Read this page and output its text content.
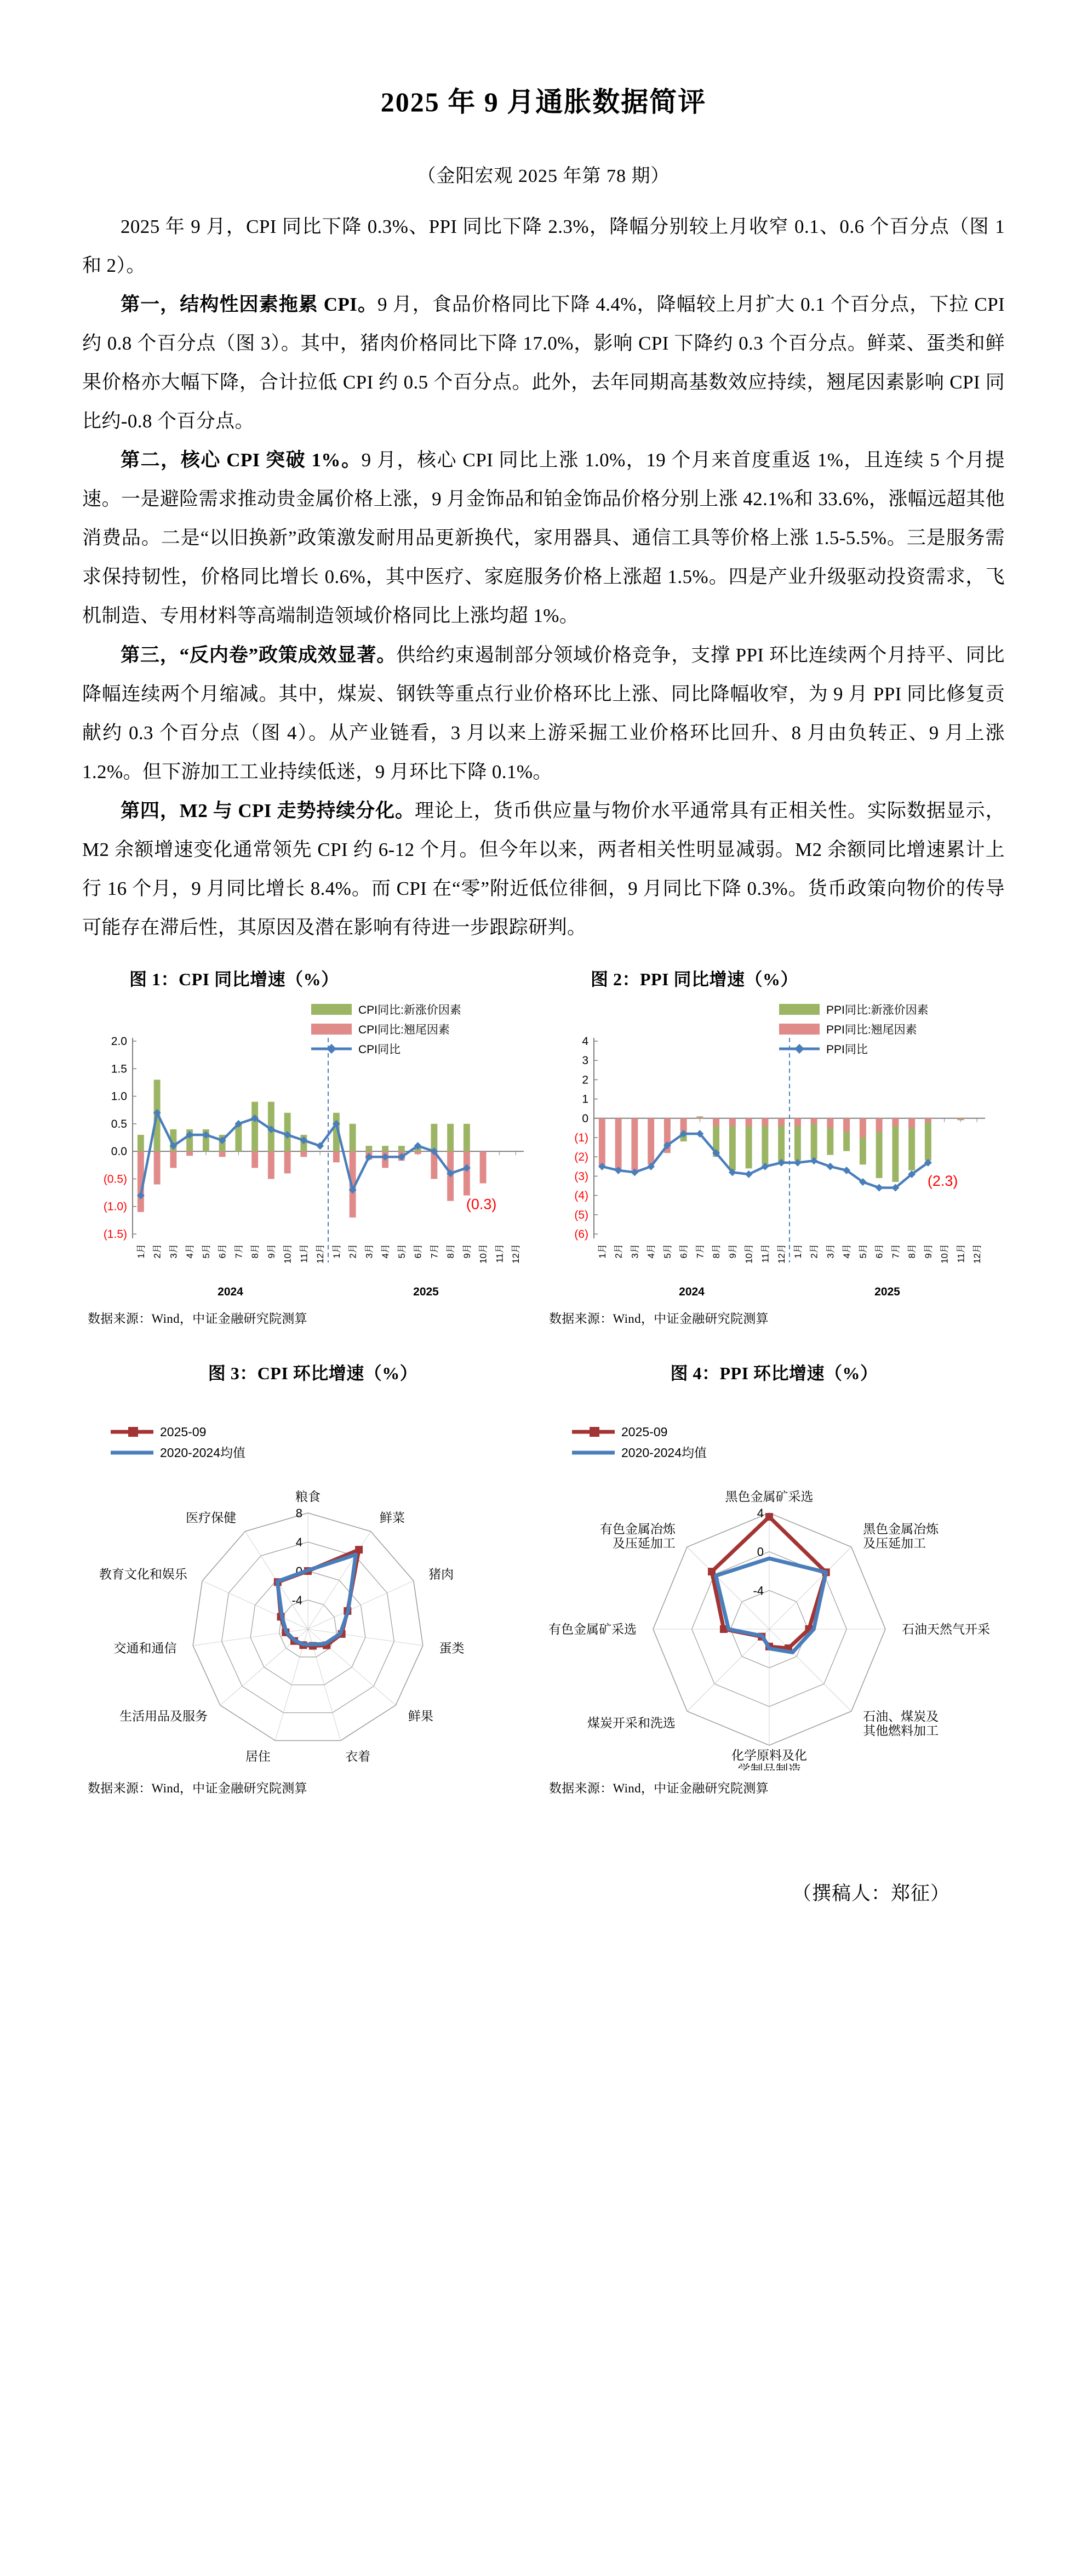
2025 年 9 月通胀数据简评
（金阳宏观 2025 年第 78 期）

2025 年 9 月，CPI 同比下降 0.3%、PPI 同比下降 2.3%，降幅分别较上月收窄 0.1、0.6 个百分点（图 1 和 2）。

第一，结构性因素拖累 CPI。9 月，食品价格同比下降 4.4%，降幅较上月扩大 0.1 个百分点，下拉 CPI 约 0.8 个百分点（图 3）。其中，猪肉价格同比下降 17.0%，影响 CPI 下降约 0.3 个百分点。鲜菜、蛋类和鲜果价格亦大幅下降，合计拉低 CPI 约 0.5 个百分点。此外，去年同期高基数效应持续，翘尾因素影响 CPI 同比约-0.8 个百分点。

第二，核心 CPI 突破 1%。9 月，核心 CPI 同比上涨 1.0%，19 个月来首度重返 1%，且连续 5 个月提速。一是避险需求推动贵金属价格上涨，9 月金饰品和铂金饰品价格分别上涨 42.1%和 33.6%，涨幅远超其他消费品。二是“以旧换新”政策激发耐用品更新换代，家用器具、通信工具等价格上涨 1.5-5.5%。三是服务需求保持韧性，价格同比增长 0.6%，其中医疗、家庭服务价格上涨超 1.5%。四是产业升级驱动投资需求，飞机制造、专用材料等高端制造领域价格同比上涨均超 1%。

第三，“反内卷”政策成效显著。供给约束遏制部分领域价格竞争，支撑 PPI 环比连续两个月持平、同比降幅连续两个月缩减。其中，煤炭、钢铁等重点行业价格环比上涨、同比降幅收窄，为 9 月 PPI 同比修复贡献约 0.3 个百分点（图 4）。从产业链看，3 月以来上游采掘工业价格环比回升、8 月由负转正、9 月上涨 1.2%。但下游加工工业持续低迷，9 月环比下降 0.1%。

第四，M2 与 CPI 走势持续分化。理论上，货币供应量与物价水平通常具有正相关性。实际数据显示，M2 余额增速变化通常领先 CPI 约 6-12 个月。但今年以来，两者相关性明显减弱。M2 余额同比增速累计上行 16 个月，9 月同比增长 8.4%。而 CPI 在“零”附近低位徘徊，9 月同比下降 0.3%。货币政策向物价的传导可能存在滞后性，其原因及潜在影响有待进一步跟踪研判。

图 1：CPI 同比增速（%）
2.0
1.5
1.0
0.5
0.0
(0.5)
(1.0)
(1.5)
1月 2月 3月 4月 5月 6月 7月 8月 9月 10月 11月 12月 1月 2月 3月 4月 5月 6月 7月 8月 9月 10月 11月 12月
2024	2025
(0.3)
CPI同比:新涨价因素
CPI同比:翘尾因素
CPI同比
数据来源：Wind，中证金融研究院测算
图 2：PPI 同比增速（%）
4
3
2
1
0
(1)
(2)
(3)
(4)
(5)
(6)
1月 2月 3月 4月 5月 6月 7月 8月 9月 10月 11月 12月 1月 2月 3月 4月 5月 6月 7月 8月 9月 10月 11月 12月
2024	2025
(2.3)
PPI同比:新涨价因素
PPI同比:翘尾因素
PPI同比
数据来源：Wind，中证金融研究院测算
图 3：CPI 环比增速（%）
8
4
0
-4
粮食
鲜菜
猪肉
蛋类
鲜果
衣着
居住
生活用品及服务
交通和通信
教育文化和娱乐
医疗保健
2025-09
2020-2024均值
数据来源：Wind，中证金融研究院测算
图 4：PPI 环比增速（%）
4
0
-4
黑色金属矿采选
黑色金属冶炼
及压延加工
石油天然气开采
石油、煤炭及
其他燃料加工
化学原料及化
学制品制造
煤炭开采和洗选
有色金属矿采选
有色金属冶炼
及压延加工
2025-09
2020-2024均值
数据来源：Wind，中证金融研究院测算
（撰稿人：郑征）
